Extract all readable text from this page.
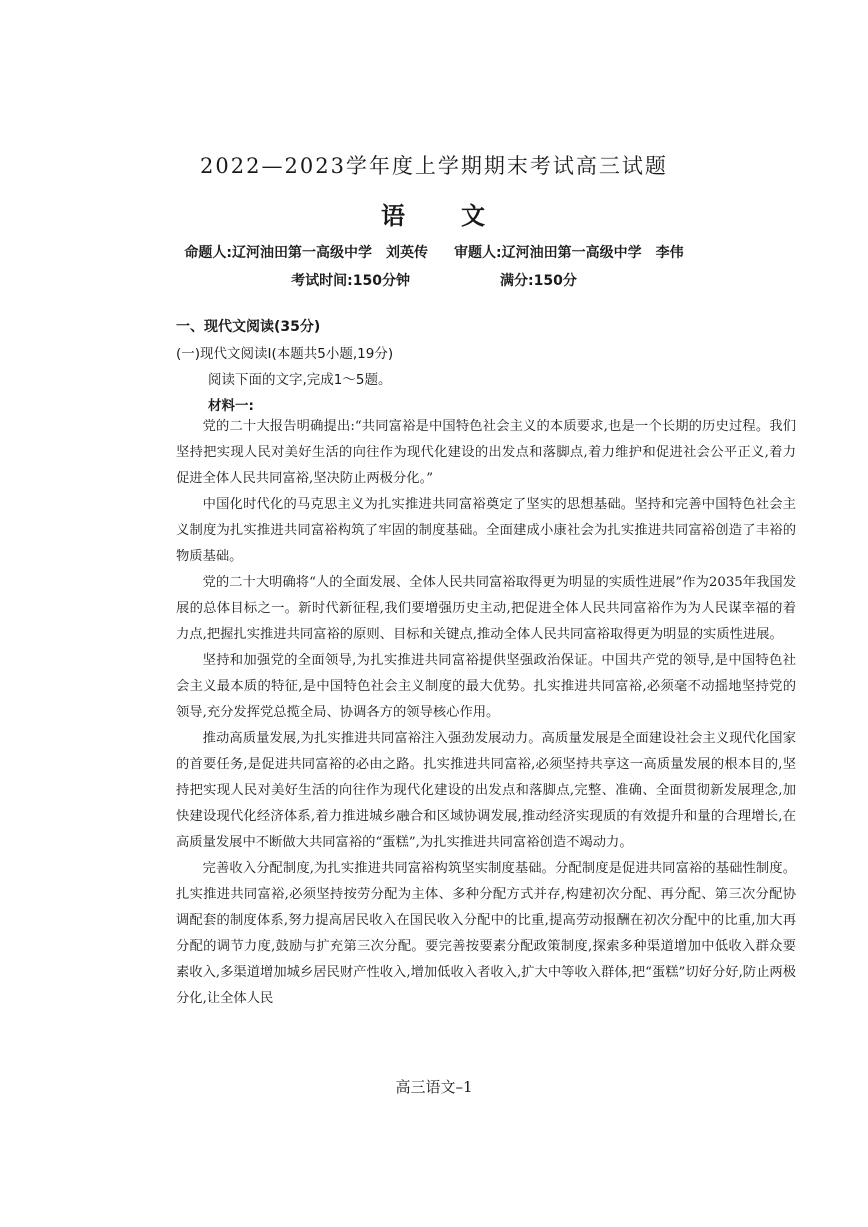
2022—2023学年度上学期期末考试高三试题
语 文
命题人:辽河油田第一高级中学　刘英传 审题人:辽河油田第一高级中学　李伟
考试时间:150分钟	满分:150分
一、现代文阅读(35分)
(一)现代文阅读Ⅰ(本题共5小题,19分)
阅读下面的文字,完成1～5题。
材料一:

党的二十大报告明确提出:“共同富裕是中国特色社会主义的本质要求,也是一个长期的历史过程。我们坚持把实现人民对美好生活的向往作为现代化建设的出发点和落脚点,着力维护和促进社会公平正义,着力促进全体人民共同富裕,坚决防止两极分化。”

中国化时代化的马克思主义为扎实推进共同富裕奠定了坚实的思想基础。坚持和完善中国特色社会主义制度为扎实推进共同富裕构筑了牢固的制度基础。全面建成小康社会为扎实推进共同富裕创造了丰裕的物质基础。

党的二十大明确将“人的全面发展、全体人民共同富裕取得更为明显的实质性进展”作为2035年我国发展的总体目标之一。新时代新征程,我们要增强历史主动,把促进全体人民共同富裕作为为人民谋幸福的着力点,把握扎实推进共同富裕的原则、目标和关键点,推动全体人民共同富裕取得更为明显的实质性进展。

坚持和加强党的全面领导,为扎实推进共同富裕提供坚强政治保证。中国共产党的领导,是中国特色社会主义最本质的特征,是中国特色社会主义制度的最大优势。扎实推进共同富裕,必须毫不动摇地坚持党的领导,充分发挥党总揽全局、协调各方的领导核心作用。

推动高质量发展,为扎实推进共同富裕注入强劲发展动力。高质量发展是全面建设社会主义现代化国家的首要任务,是促进共同富裕的必由之路。扎实推进共同富裕,必须坚持共享这一高质量发展的根本目的,坚持把实现人民对美好生活的向往作为现代化建设的出发点和落脚点,完整、准确、全面贯彻新发展理念,加快建设现代化经济体系,着力推进城乡融合和区域协调发展,推动经济实现质的有效提升和量的合理增长,在高质量发展中不断做大共同富裕的“蛋糕”,为扎实推进共同富裕创造不竭动力。

完善收入分配制度,为扎实推进共同富裕构筑坚实制度基础。分配制度是促进共同富裕的基础性制度。扎实推进共同富裕,必须坚持按劳分配为主体、多种分配方式并存,构建初次分配、再分配、第三次分配协调配套的制度体系,努力提高居民收入在国民收入分配中的比重,提高劳动报酬在初次分配中的比重,加大再分配的调节力度,鼓励与扩充第三次分配。要完善按要素分配政策制度,探索多种渠道增加中低收入群众要素收入,多渠道增加城乡居民财产性收入,增加低收入者收入,扩大中等收入群体,把“蛋糕”切好分好,防止两极分化,让全体人民

高三语文–1
